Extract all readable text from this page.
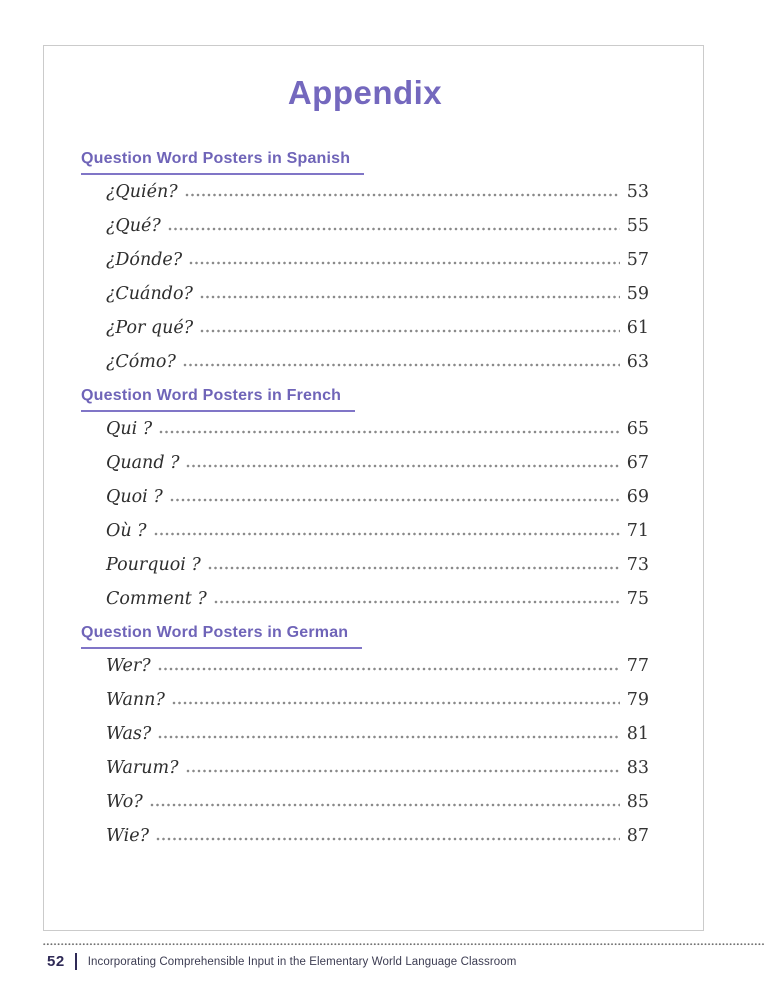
Appendix
Question Word Posters in Spanish
¿Quién?	53
¿Qué?	55
¿Dónde?	57
¿Cuándo?	59
¿Por qué?	61
¿Cómo?	63
Question Word Posters in French
Qui ?	65
Quand ?	67
Quoi ?	69
Où ?	71
Pourquoi ?	73
Comment ?	75
Question Word Posters in German
Wer?	77
Wann?	79
Was?	81
Warum?	83
Wo?	85
Wie?	87
52 Incorporating Comprehensible Input in the Elementary World Language Classroom
